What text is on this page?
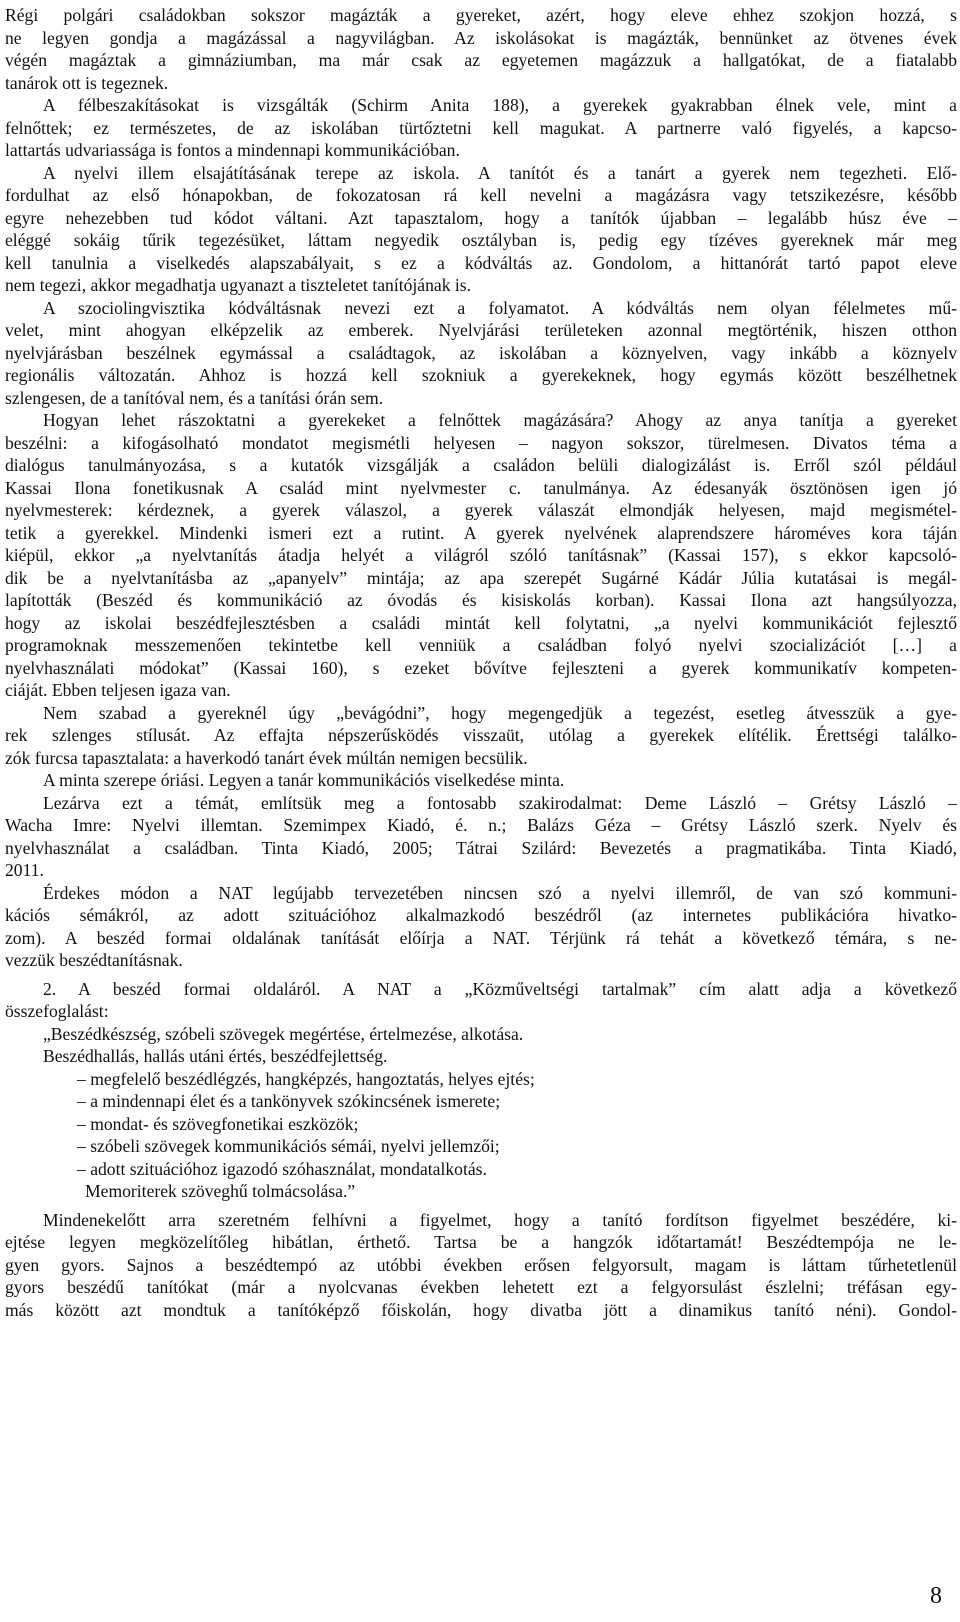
Régi polgári családokban sokszor magázták a gyereket, azért, hogy eleve ehhez szokjon hozzá, s
ne legyen gondja a magázással a nagyvilágban. Az iskolásokat is magázták, bennünket az ötvenes évek
végén magáztak a gimnáziumban, ma már csak az egyetemen magázzuk a hallgatókat, de a fiatalabb
tanárok ott is tegeznek.
A félbeszakításokat is vizsgálták (Schirm Anita 188), a gyerekek gyakrabban élnek vele, mint a
felnőttek; ez természetes, de az iskolában türtőztetni kell magukat. A partnerre való figyelés, a kapcso-
lattartás udvariassága is fontos a mindennapi kommunikációban.
A nyelvi illem elsajátításának terepe az iskola. A tanítót és a tanárt a gyerek nem tegezheti. Elő-
fordulhat az első hónapokban, de fokozatosan rá kell nevelni a magázásra vagy tetszikezésre, később
egyre nehezebben tud kódot váltani. Azt tapasztalom, hogy a tanítók újabban – legalább húsz éve –
eléggé sokáig tűrik tegezésüket, láttam negyedik osztályban is, pedig egy tízéves gyereknek már meg
kell tanulnia a viselkedés alapszabályait, s ez a kódváltás az. Gondolom, a hittanórát tartó papot eleve
nem tegezi, akkor megadhatja ugyanazt a tiszteletet tanítójának is.
A szociolingvisztika kódváltásnak nevezi ezt a folyamatot. A kódváltás nem olyan félelmetes mű-
velet, mint ahogyan elképzelik az emberek. Nyelvjárási területeken azonnal megtörténik, hiszen otthon
nyelvjárásban beszélnek egymással a családtagok, az iskolában a köznyelven, vagy inkább a köznyelv
regionális változatán. Ahhoz is hozzá kell szokniuk a gyerekeknek, hogy egymás között beszélhetnek
szlengesen, de a tanítóval nem, és a tanítási órán sem.
Hogyan lehet rászoktatni a gyerekeket a felnőttek magázására? Ahogy az anya tanítja a gyereket
beszélni: a kifogásolható mondatot megismétli helyesen – nagyon sokszor, türelmesen. Divatos téma a
dialógus tanulmányozása, s a kutatók vizsgálják a családon belüli dialogizálást is. Erről szól például
Kassai Ilona fonetikusnak A család mint nyelvmester c. tanulmánya. Az édesanyák ösztönösen igen jó
nyelvmesterek: kérdeznek, a gyerek válaszol, a gyerek válaszát elmondják helyesen, majd megismétel-
tetik a gyerekkel. Mindenki ismeri ezt a rutint. A gyerek nyelvének alaprendszere hároméves kora táján
kiépül, ekkor „a nyelvtanítás átadja helyét a világról szóló tanításnak” (Kassai 157), s ekkor kapcsoló-
dik be a nyelvtanításba az „apanyelv” mintája; az apa szerepét Sugárné Kádár Júlia kutatásai is megál-
lapították (Beszéd és kommunikáció az óvodás és kisiskolás korban). Kassai Ilona azt hangsúlyozza,
hogy az iskolai beszédfejlesztésben a családi mintát kell folytatni, „a nyelvi kommunikációt fejlesztő
programoknak messzemenően tekintetbe kell venniük a családban folyó nyelvi szocializációt […] a
nyelvhasználati módokat” (Kassai 160), s ezeket bővítve fejleszteni a gyerek kommunikatív kompeten-
ciáját. Ebben teljesen igaza van.
Nem szabad a gyereknél úgy „bevágódni”, hogy megengedjük a tegezést, esetleg átvesszük a gye-
rek szlenges stílusát. Az effajta népszerűsködés visszaüt, utólag a gyerekek elítélik. Érettségi találko-
zók furcsa tapasztalata: a haverkodó tanárt évek múltán nemigen becsülik.
A minta szerepe óriási. Legyen a tanár kommunikációs viselkedése minta.
Lezárva ezt a témát, említsük meg a fontosabb szakirodalmat: Deme László – Grétsy László –
Wacha Imre: Nyelvi illemtan. Szemimpex Kiadó, é. n.; Balázs Géza – Grétsy László szerk. Nyelv és
nyelvhasználat a családban. Tinta Kiadó, 2005; Tátrai Szilárd: Bevezetés a pragmatikába. Tinta Kiadó,
2011.
Érdekes módon a NAT legújabb tervezetében nincsen szó a nyelvi illemről, de van szó kommuni-
kációs sémákról, az adott szituációhoz alkalmazkodó beszédről (az internetes publikációra hivatko-
zom). A beszéd formai oldalának tanítását előírja a NAT. Térjünk rá tehát a következő témára, s ne-
vezzük beszédtanításnak.
2. A beszéd formai oldaláról. A NAT a „Közműveltségi tartalmak” cím alatt adja a következő
összefoglalást:
„Beszédkészség, szóbeli szövegek megértése, értelmezése, alkotása.
Beszédhallás, hallás utáni értés, beszédfejlettség.
– megfelelő beszédlégzés, hangképzés, hangoztatás, helyes ejtés;
– a mindennapi élet és a tankönyvek szókincsének ismerete;
– mondat- és szövegfonetikai eszközök;
– szóbeli szövegek kommunikációs sémái, nyelvi jellemzői;
– adott szituációhoz igazodó szóhasználat, mondatalkotás.
Memoriterek szöveghű tolmácsolása.”
Mindenekelőtt arra szeretném felhívni a figyelmet, hogy a tanító fordítson figyelmet beszédére, ki-
ejtése legyen megközelítőleg hibátlan, érthető. Tartsa be a hangzók időtartamát! Beszédtempója ne le-
gyen gyors. Sajnos a beszédtempó az utóbbi években erősen felgyorsult, magam is láttam tűrhetetlenül
gyors beszédű tanítókat (már a nyolcvanas években lehetett ezt a felgyorsulást észlelni; tréfásan egy-
más között azt mondtuk a tanítóképző főiskolán, hogy divatba jött a dinamikus tanító néni). Gondol-
8
